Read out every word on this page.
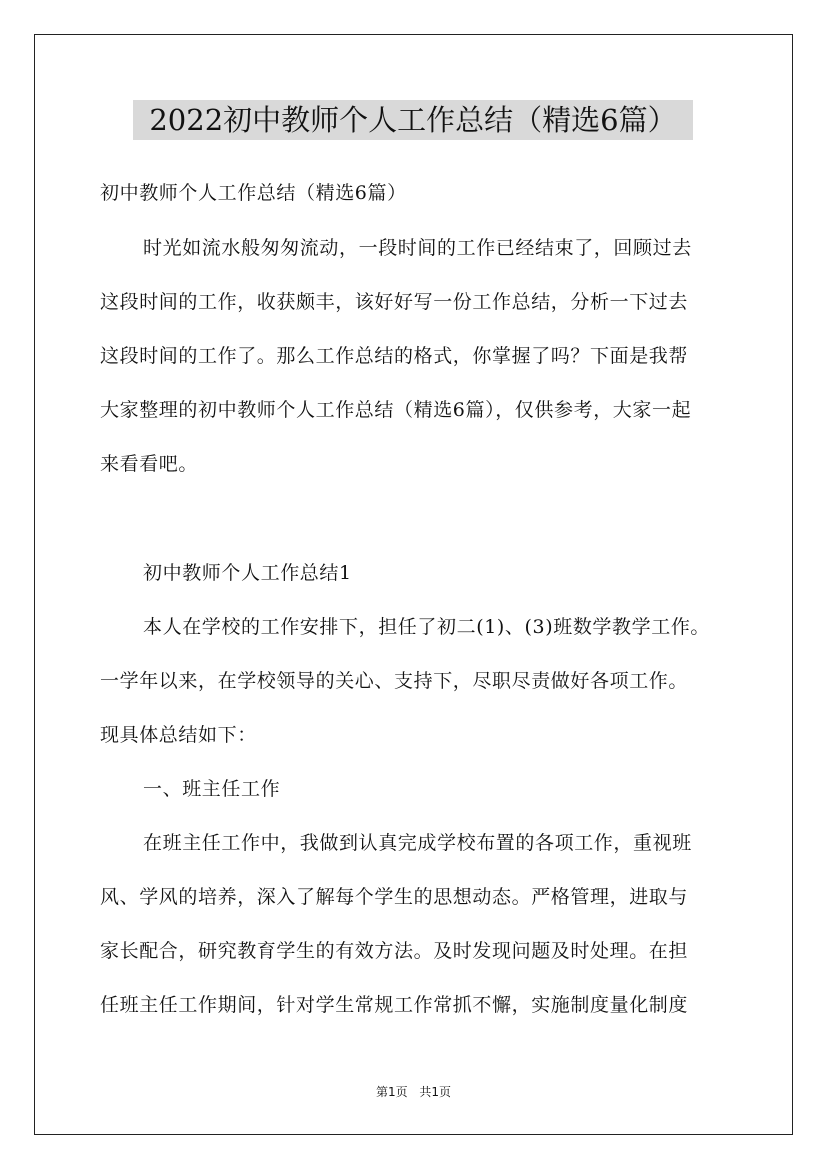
2022初中教师个人工作总结（精选6篇）
初中教师个人工作总结（精选6篇）
时光如流水般匆匆流动，一段时间的工作已经结束了，回顾过去
这段时间的工作，收获颇丰，该好好写一份工作总结，分析一下过去
这段时间的工作了。那么工作总结的格式，你掌握了吗？下面是我帮
大家整理的初中教师个人工作总结（精选6篇），仅供参考，大家一起
来看看吧。
初中教师个人工作总结1
本人在学校的工作安排下，担任了初二(1)、(3)班数学教学工作。
一学年以来，在学校领导的关心、支持下，尽职尽责做好各项工作。
现具体总结如下：
一、班主任工作
在班主任工作中，我做到认真完成学校布置的各项工作，重视班
风、学风的培养，深入了解每个学生的思想动态。严格管理，进取与
家长配合，研究教育学生的有效方法。及时发现问题及时处理。在担
任班主任工作期间，针对学生常规工作常抓不懈，实施制度量化制度
第1页 共1页
